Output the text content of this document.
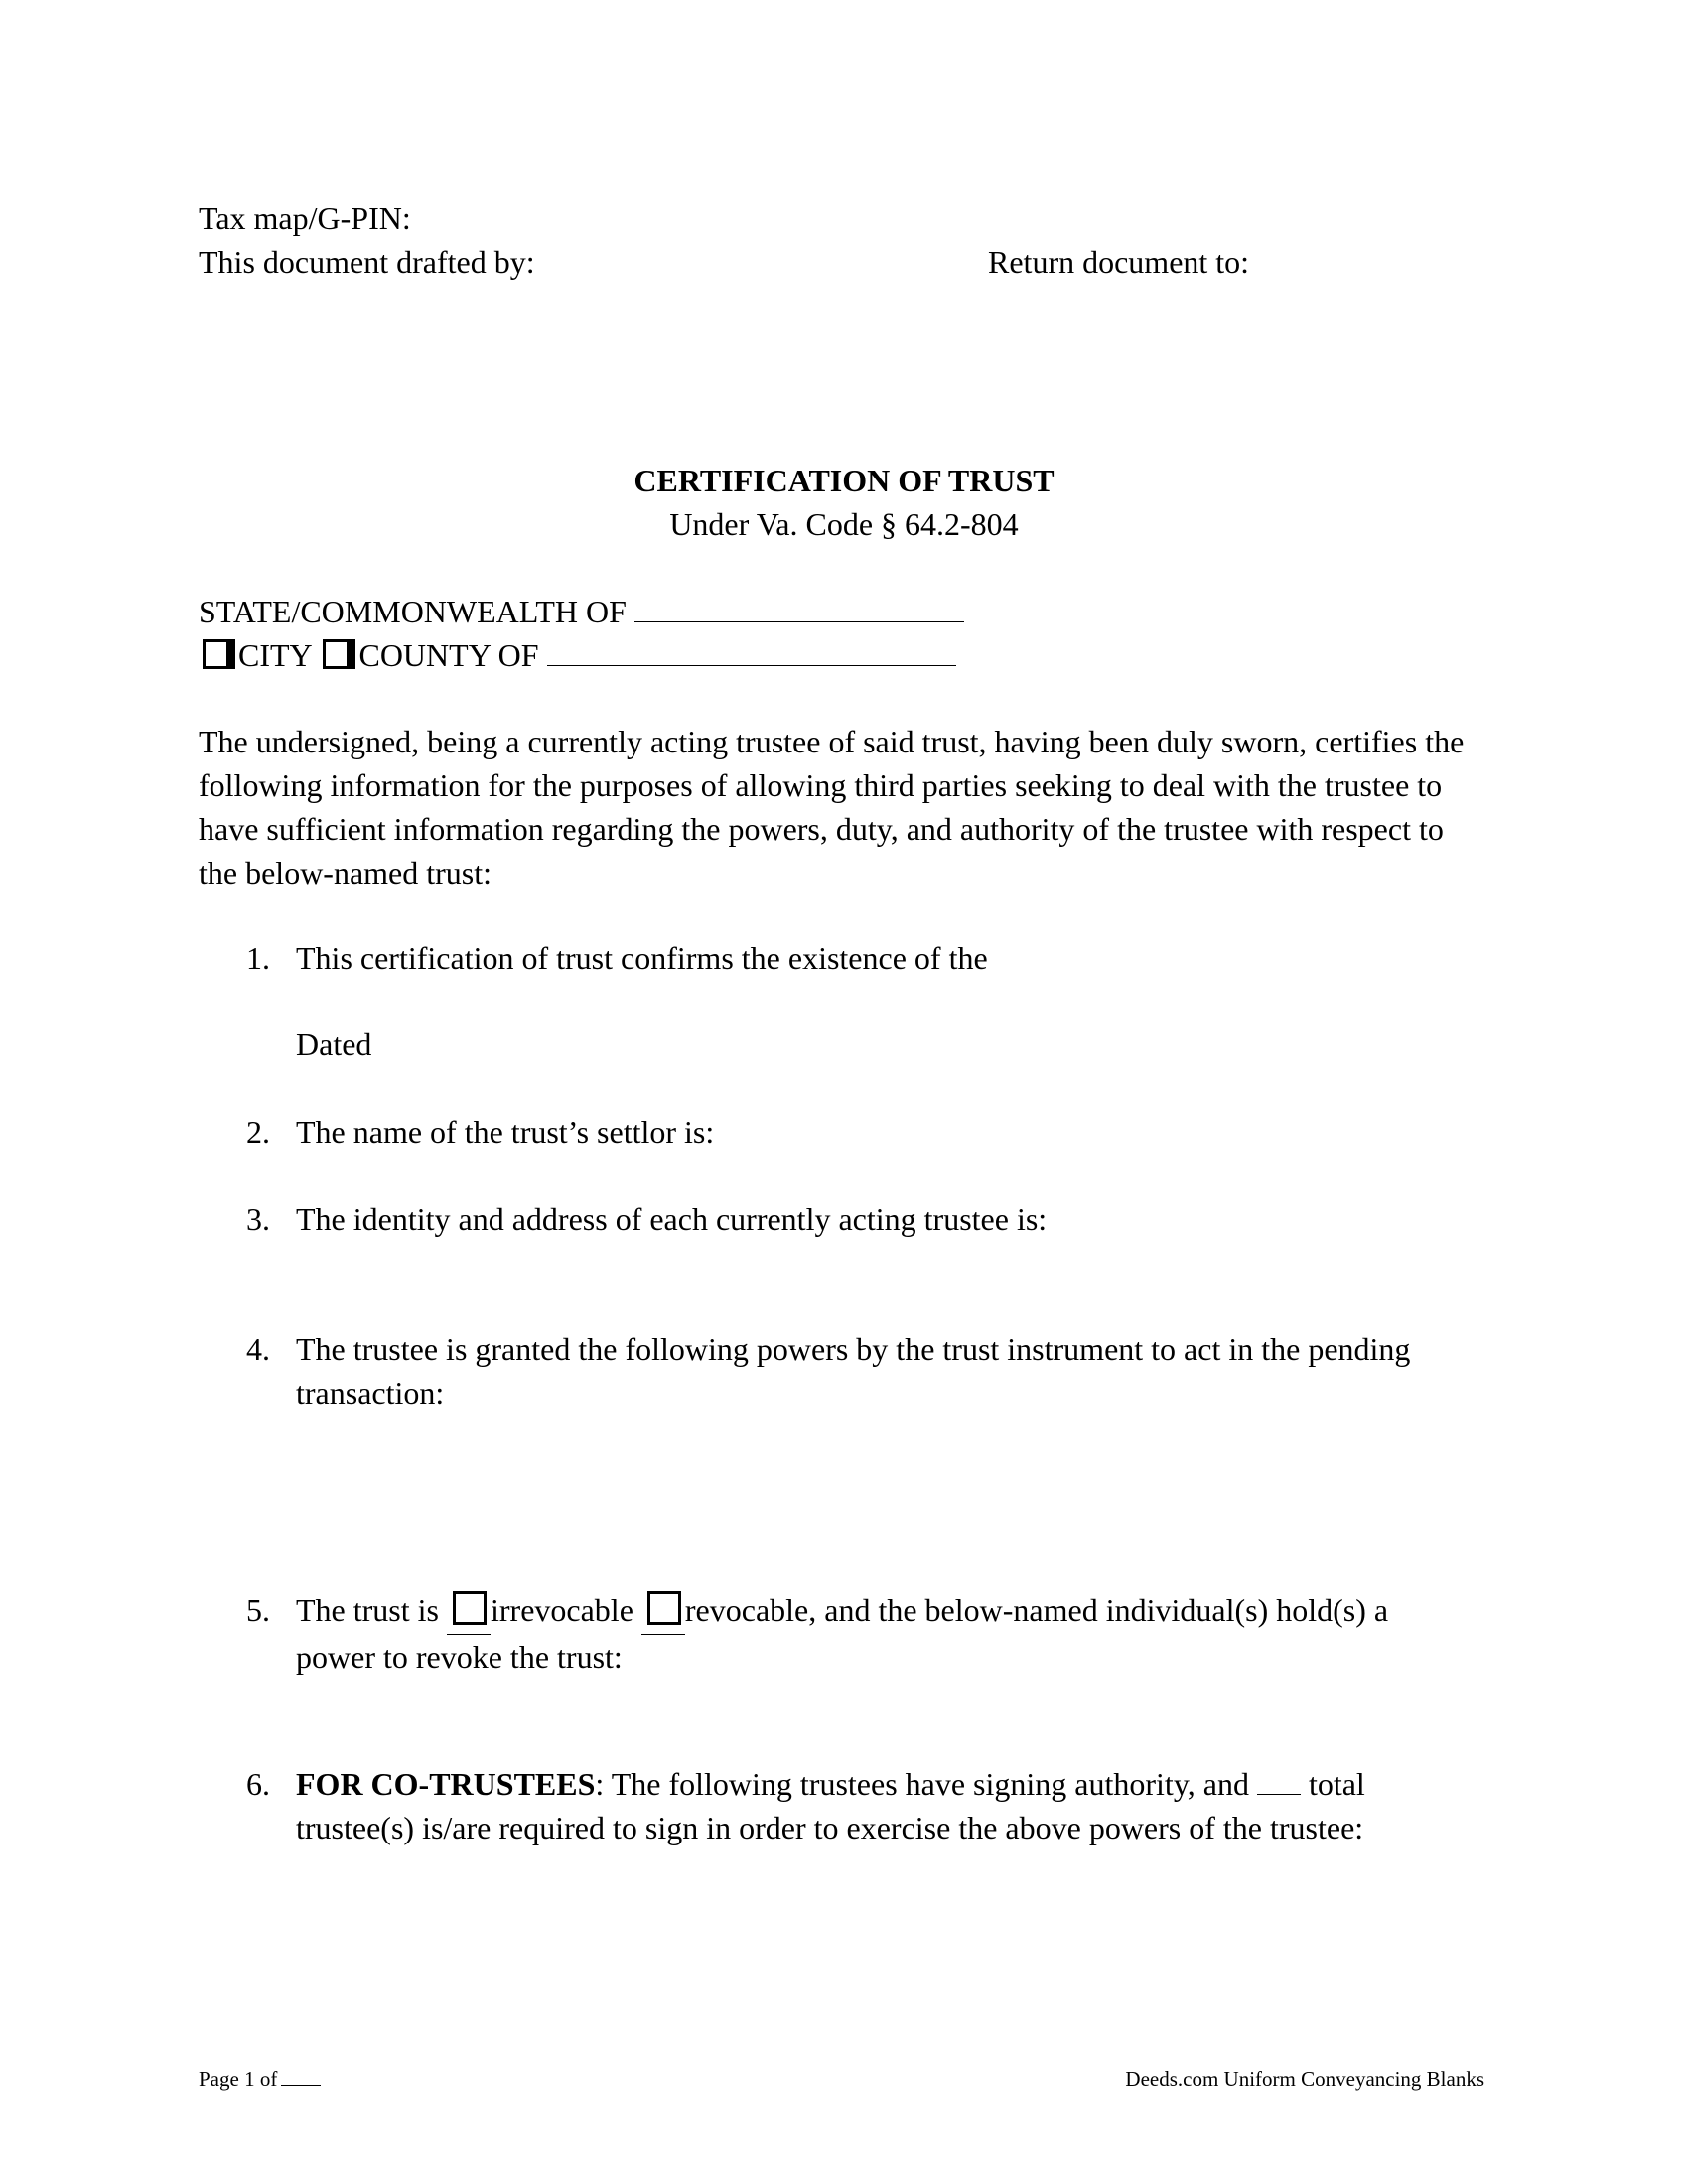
Tax map/G-PIN:
This document drafted by:	Return document to:
CERTIFICATION OF TRUST
Under Va. Code § 64.2-804
STATE/COMMONWEALTH OF
CITY COUNTY OF
The undersigned, being a currently acting trustee of said trust, having been duly sworn, certifies the following information for the purposes of allowing third parties seeking to deal with the trustee to have sufficient information regarding the powers, duty, and authority of the trustee with respect to the below-named trust:
1. This certification of trust confirms the existence of the
Dated
2. The name of the trust’s settlor is:
3. The identity and address of each currently acting trustee is:
4. The trustee is granted the following powers by the trust instrument to act in the pending transaction:
5. The trust is irrevocable revocable, and the below-named individual(s) hold(s) a
power to revoke the trust:
6. FOR CO-TRUSTEES: The following trustees have signing authority, and total
trustee(s) is/are required to sign in order to exercise the above powers of the trustee:
Page 1 of	Deeds.com Uniform Conveyancing Blanks
